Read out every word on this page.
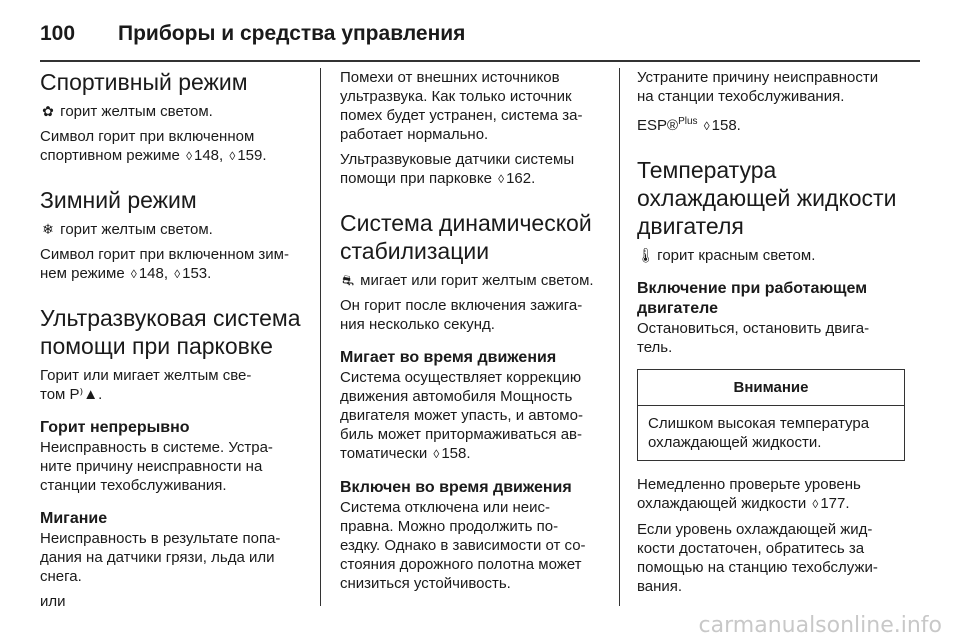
100	Приборы и средства управления
Спортивный режим

✿ горит желтым светом.

Символ горит при включенном
спортивном режиме ◊ 148, ◊ 159.

Зимний режим

❄ горит желтым светом.

Символ горит при включенном зим-
нем режиме ◊ 148, ◊ 153.

Ультразвуковая система
помощи при парковке

Горит или мигает желтым све-
том P⁾▲.

Горит непрерывно

Неисправность в системе. Устра-
ните причину неисправности на
станции техобслуживания.

Мигание

Неисправность в результате попа-
дания на датчики грязи, льда или
снега.

или

Помехи от внешних источников
ультразвука. Как только источник
помех будет устранен, система за-
работает нормально.

Ультразвуковые датчики системы
помощи при парковке ◊ 162.

Система динамической
стабилизации

⛐ мигает или горит желтым светом.

Он горит после включения зажига-
ния несколько секунд.

Мигает во время движения

Система осуществляет коррекцию
движения автомобиля Мощность
двигателя может упасть, и автомо-
биль может притормаживаться ав-
томатически ◊ 158.

Включен во время движения

Система отключена или неис-
правна. Можно продолжить по-
ездку. Однако в зависимости от со-
стояния дорожного полотна может
снизиться устойчивость.

Устраните причину неисправности
на станции техобслуживания.

ESP®$^{Plus}$ ◊ 158.

Температура
охлаждающей жидкости
двигателя

🌡 горит красным светом.

Включение при работающем
двигателе

Остановиться, остановить двига-
тель.

Внимание
Слишком высокая температура
охлаждающей жидкости.

Немедленно проверьте уровень
охлаждающей жидкости ◊ 177.

Если уровень охлаждающей жид-
кости достаточен, обратитесь за
помощью на станцию техобслужи-
вания.

carmanualsonline.info
